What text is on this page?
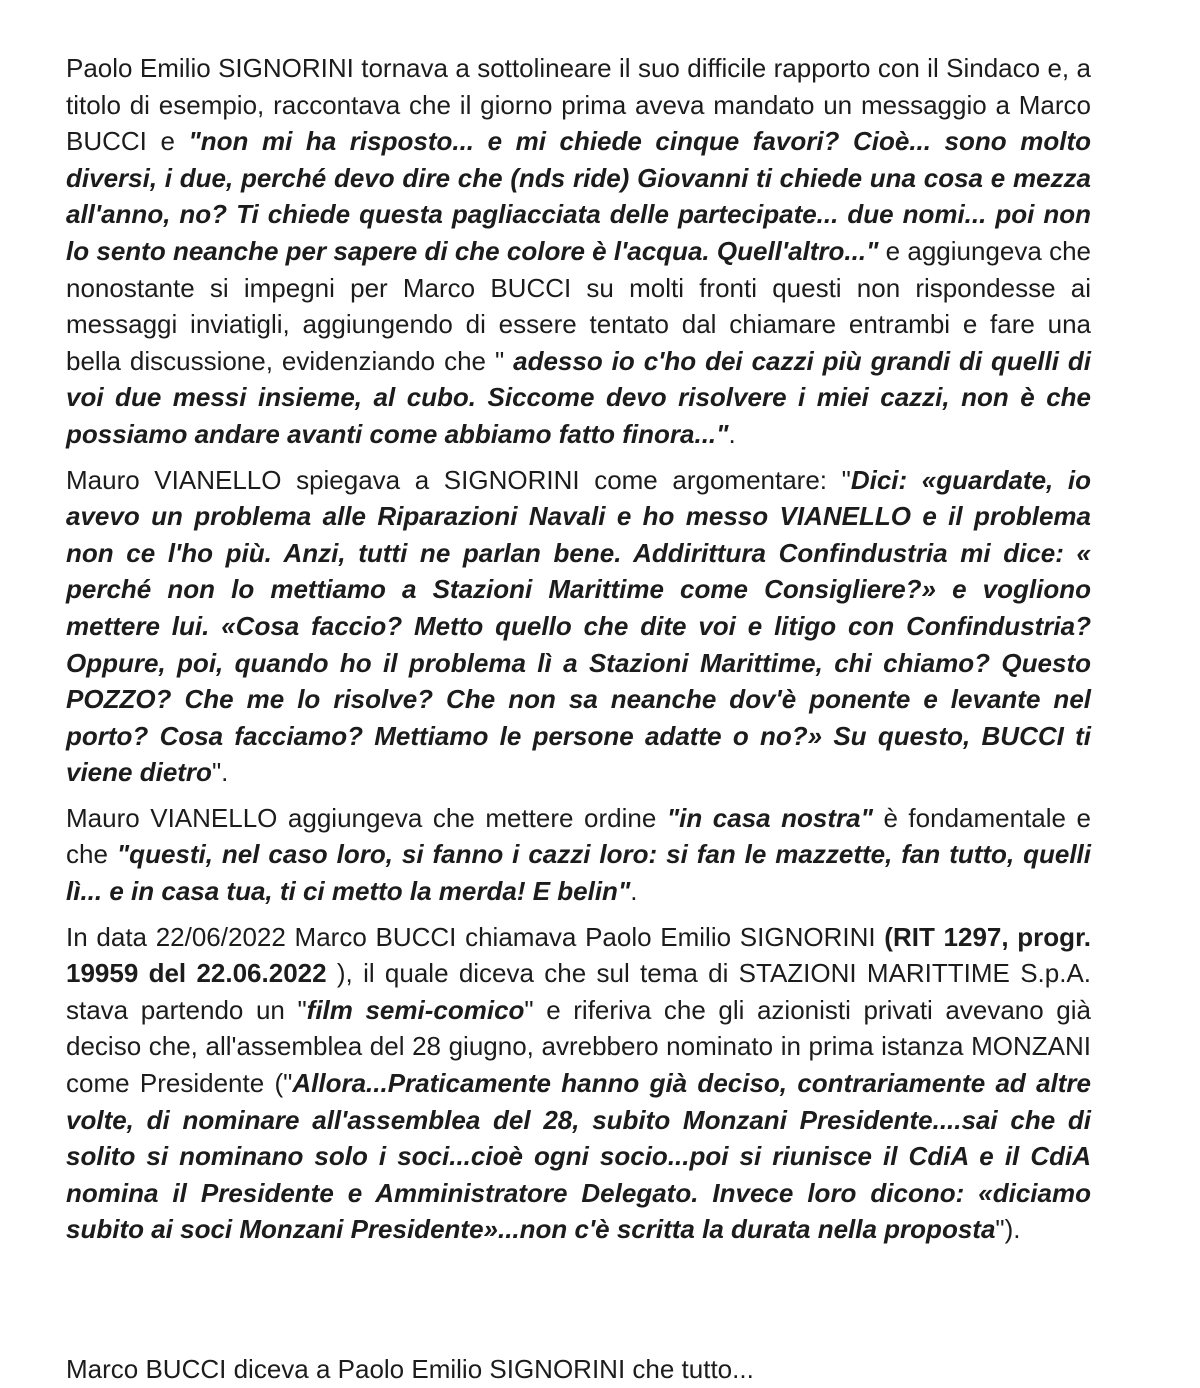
Paolo Emilio SIGNORINI tornava a sottolineare il suo difficile rapporto con il Sindaco e, a titolo di esempio, raccontava che il giorno prima aveva mandato un messaggio a Marco BUCCI e "non mi ha risposto... e mi chiede cinque favori? Cioè... sono molto diversi, i due, perché devo dire che (nds ride) Giovanni ti chiede una cosa e mezza all'anno, no? Ti chiede questa pagliacciata delle partecipate... due nomi... poi non lo sento neanche per sapere di che colore è l'acqua. Quell'altro..." e aggiungeva che nonostante si impegni per Marco BUCCI su molti fronti questi non rispondesse ai messaggi inviatigli, aggiungendo di essere tentato dal chiamare entrambi e fare una bella discussione, evidenziando che " adesso io c'ho dei cazzi più grandi di quelli di voi due messi insieme, al cubo. Siccome devo risolvere i miei cazzi, non è che possiamo andare avanti come abbiamo fatto finora...".

Mauro VIANELLO spiegava a SIGNORINI come argomentare: "Dici: «guardate, io avevo un problema alle Riparazioni Navali e ho messo VIANELLO e il problema non ce l'ho più. Anzi, tutti ne parlan bene. Addirittura Confindustria mi dice: « perché non lo mettiamo a Stazioni Marittime come Consigliere?» e vogliono mettere lui. «Cosa faccio? Metto quello che dite voi e litigo con Confindustria? Oppure, poi, quando ho il problema lì a Stazioni Marittime, chi chiamo? Questo POZZO? Che me lo risolve? Che non sa neanche dov'è ponente e levante nel porto? Cosa facciamo? Mettiamo le persone adatte o no?» Su questo, BUCCI ti viene dietro".

Mauro VIANELLO aggiungeva che mettere ordine "in casa nostra" è fondamentale e che "questi, nel caso loro, si fanno i cazzi loro: si fan le mazzette, fan tutto, quelli lì... e in casa tua, ti ci metto la merda! E belin".

In data 22/06/2022 Marco BUCCI chiamava Paolo Emilio SIGNORINI (RIT 1297, progr. 19959 del 22.06.2022 ), il quale diceva che sul tema di STAZIONI MARITTIME S.p.A. stava partendo un "film semi-comico" e riferiva che gli azionisti privati avevano già deciso che, all'assemblea del 28 giugno, avrebbero nominato in prima istanza MONZANI come Presidente ("Allora...Praticamente hanno già deciso, contrariamente ad altre volte, di nominare all'assemblea del 28, subito Monzani Presidente....sai che di solito si nominano solo i soci...cioè ogni socio...poi si riunisce il CdiA e il CdiA nomina il Presidente e Amministratore Delegato. Invece loro dicono: «diciamo subito ai soci Monzani Presidente»...non c'è scritta la durata nella proposta").

Marco BUCCI diceva a Paolo Emilio SIGNORINI che tutto...
